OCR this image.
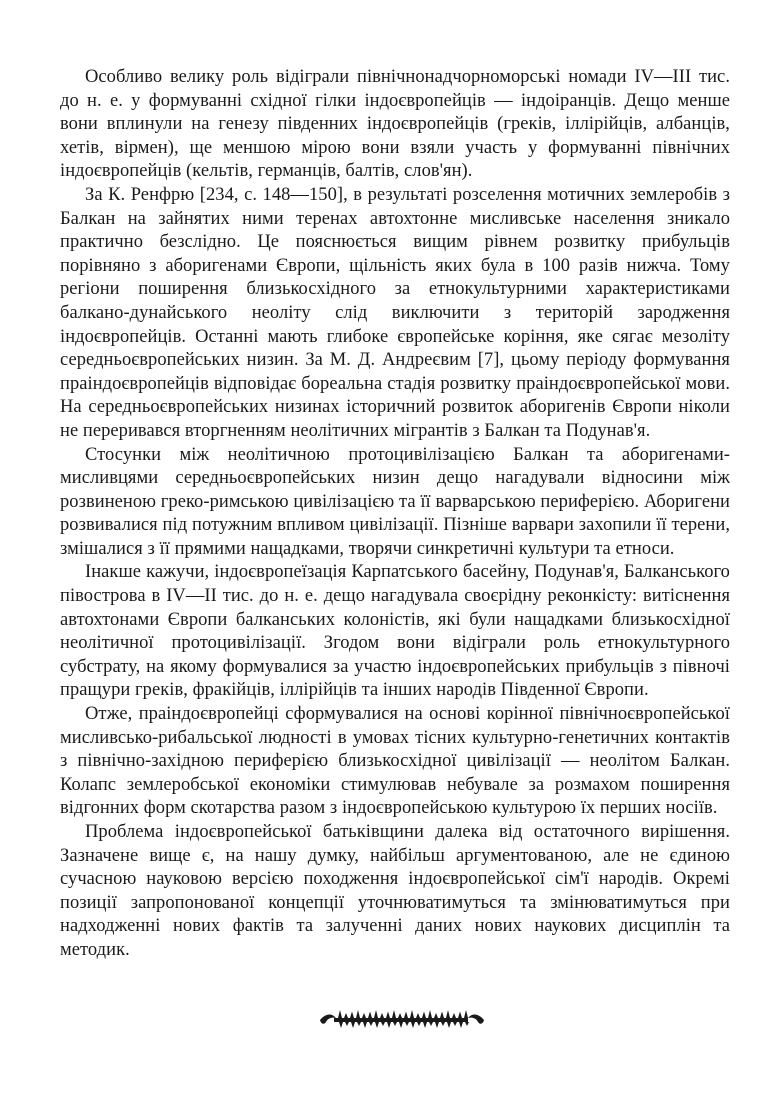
Особливо велику роль відіграли північнонадчорноморські номади IV—III тис. до н. е. у формуванні східної гілки індоєвропейців — індоіранців. Дещо менше вони вплинули на генезу південних індоєвропейців (греків, іллірійців, албанців, хетів, вірмен), ще меншою мірою вони взяли участь у формуванні північних індоєвропейців (кельтів, германців, балтів, слов'ян).

За К. Ренфрю [234, с. 148—150], в результаті розселення мотичних землеробів з Балкан на зайнятих ними теренах автохтонне мисливське населення зникало практично безслідно. Це пояснюється вищим рівнем розвитку прибульців порівняно з аборигенами Європи, щільність яких була в 100 разів нижча. Тому регіони поширення близькосхідного за етнокультурними характеристиками балкано-дунайського неоліту слід виключити з територій зародження індоєвропейців. Останні мають глибоке європейське коріння, яке сягає мезоліту середньоєвропейських низин. За М. Д. Андреєвим [7], цьому періоду формування праіндоєвропейців відповідає бореальна стадія розвитку праіндоєвропейської мови. На середньоєвропейських низинах історичний розвиток аборигенів Європи ніколи не переривався вторгненням неолітичних мігрантів з Балкан та Подунав'я.

Стосунки між неолітичною протоцивілізацією Балкан та аборигенами-мисливцями середньоєвропейських низин дещо нагадували відносини між розвиненою греко-римською цивілізацією та її варварською периферією. Аборигени розвивалися під потужним впливом цивілізації. Пізніше варвари захопили її терени, змішалися з її прямими нащадками, творячи синкретичні культури та етноси.

Інакше кажучи, індоєвропеїзація Карпатського басейну, Подунав'я, Балканського півострова в IV—II тис. до н. е. дещо нагадувала своєрідну реконкісту: витіснення автохтонами Європи балканських колоністів, які були нащадками близькосхідної неолітичної протоцивілізації. Згодом вони відіграли роль етнокультурного субстрату, на якому формувалися за участю індоєвропейських прибульців з півночі пращури греків, фракійців, іллірійців та інших народів Південної Європи.

Отже, праіндоєвропейці сформувалися на основі корінної північноєвропейської мисливсько-рибальської людності в умовах тісних культурно-генетичних контактів з північно-західною периферією близькосхідної цивілізації — неолітом Балкан. Колапс землеробської економіки стимулював небувале за розмахом поширення відгонних форм скотарства разом з індоєвропейською культурою їх перших носіїв.

Проблема індоєвропейської батьківщини далека від остаточного вирішення. Зазначене вище є, на нашу думку, найбільш аргументованою, але не єдиною сучасною науковою версією походження індоєвропейської сім'ї народів. Окремі позиції запропонованої концепції уточнюватимуться та змінюватимуться при надходженні нових фактів та залученні даних нових наукових дисциплін та методик.
